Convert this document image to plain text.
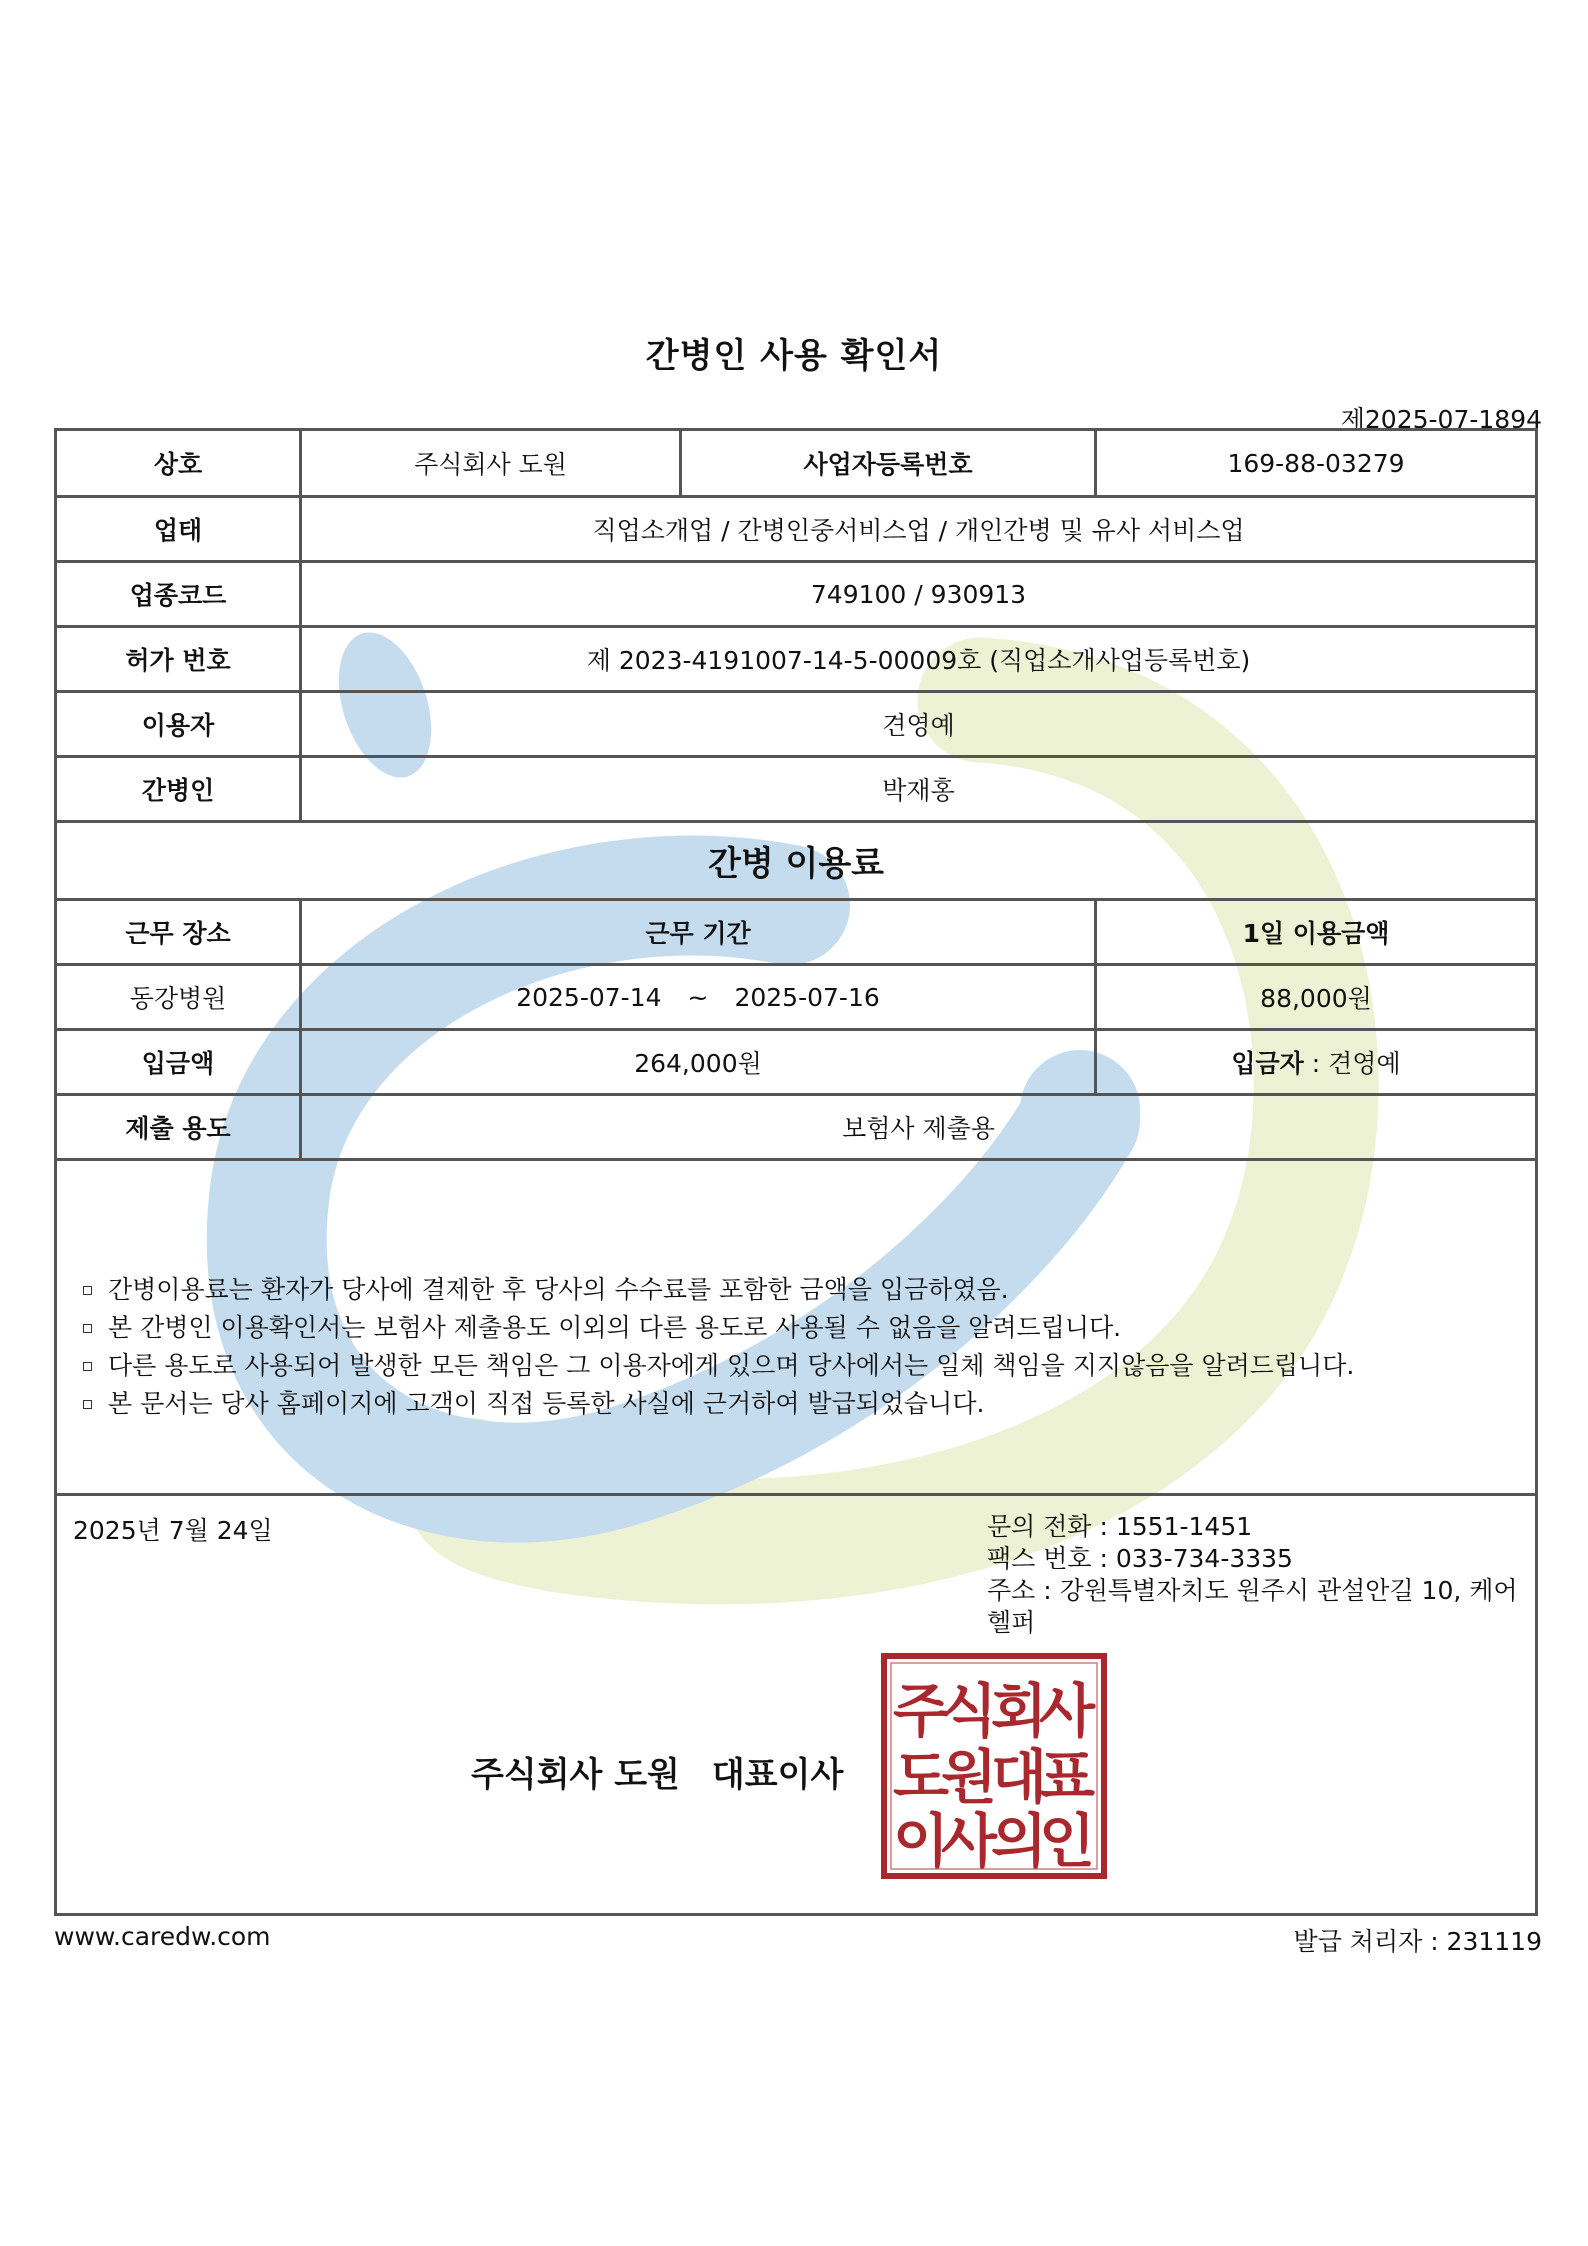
간병인 사용 확인서
제2025-07-1894
상호	주식회사 도원	사업자등록번호	169-88-03279
업태	직업소개업 / 간병인중서비스업 / 개인간병 및 유사 서비스업
업종코드	749100 / 930913
허가 번호	제 2023-4191007-14-5-00009호 (직업소개사업등록번호)
이용자	견영예
간병인	박재홍
간병 이용료
근무 장소	근무 기간	1일 이용금액
동강병원	2025-07-14 ~ 2025-07-16	88,000원
입금액	264,000원	입금자 : 견영예
제출 용도	보험사 제출용
간병이용료는 환자가 당사에 결제한 후 당사의 수수료를 포함한 금액을 입금하였음.
본 간병인 이용확인서는 보험사 제출용도 이외의 다른 용도로 사용될 수 없음을 알려드립니다.
다른 용도로 사용되어 발생한 모든 책임은 그 이용자에게 있으며 당사에서는 일체 책임을 지지않음을 알려드립니다.
본 문서는 당사 홈페이지에 고객이 직접 등록한 사실에 근거하여 발급되었습니다.
2025년 7월 24일	문의 전화 : 1551-1451
팩스 번호 : 033-734-3335
주소 : 강원특별자치도 원주시 관설안길 10, 케어헬퍼
주식회사 도원 대표이사
주
식
회
사
도
원
대
표
이
사
의
인
www.caredw.com	발급 처리자 : 231119
